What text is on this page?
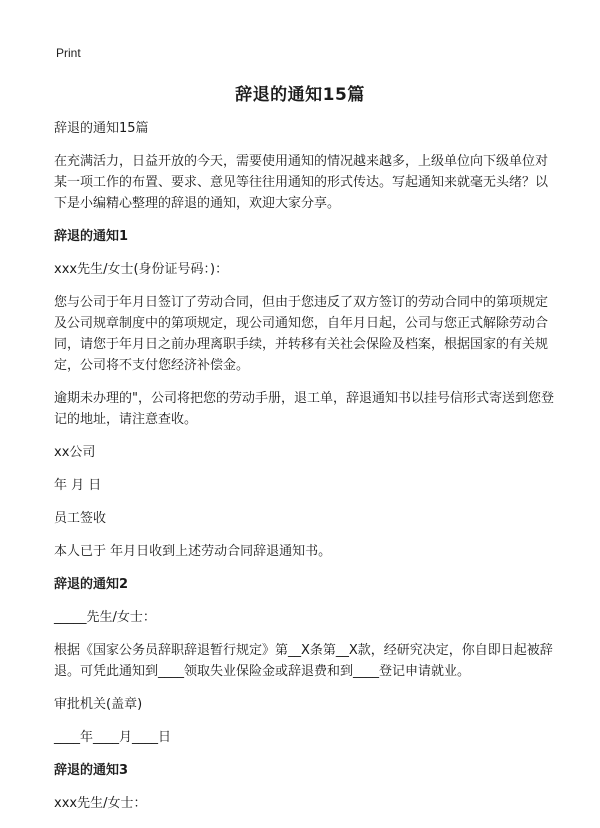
Print
辞退的通知15篇

辞退的通知15篇

在充满活力，日益开放的今天，需要使用通知的情况越来越多，上级单位向下级单位对某一项工作的布置、要求、意见等往往用通知的形式传达。写起通知来就毫无头绪？以下是小编精心整理的辞退的通知，欢迎大家分享。

辞退的通知1

xxx先生/女士(身份证号码：)：

您与公司于年月日签订了劳动合同，但由于您违反了双方签订的劳动合同中的第项规定及公司规章制度中的第项规定，现公司通知您，自年月日起，公司与您正式解除劳动合同，请您于年月日之前办理离职手续，并转移有关社会保险及档案，根据国家的有关规定，公司将不支付您经济补偿金。

逾期未办理的"，公司将把您的劳动手册，退工单，辞退通知书以挂号信形式寄送到您登记的地址，请注意查收。

xx公司

年 月 日

员工签收

本人已于 年月日收到上述劳动合同辞退通知书。

辞退的通知2

_____先生/女士：

根据《国家公务员辞职辞退暂行规定》第__X条第__X款，经研究决定，你自即日起被辞退。可凭此通知到____领取失业保险金或辞退费和到____登记申请就业。

审批机关(盖章)

____年____月____日

辞退的通知3

xxx先生/女士：
